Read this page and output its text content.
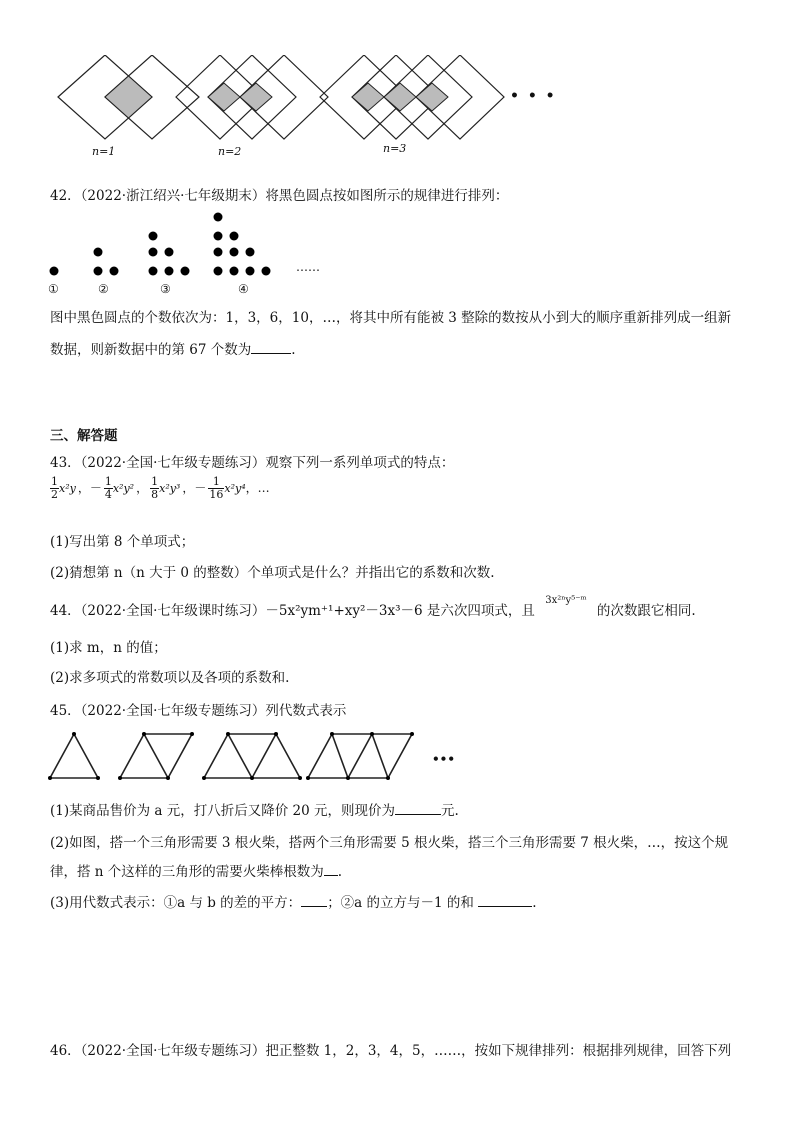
• • •
n=1	n=2	n=3
42．（2022·浙江绍兴·七年级期末）将黑色圆点按如图所示的规律进行排列：
……
①	②	③	④
图中黑色圆点的个数依次为：1，3，6，10，…，将其中所有能被 3 整除的数按从小到大的顺序重新排列成一组新
数据，则新数据中的第 67 个数为	.
三、解答题
43．（2022·全国·七年级专题练习）观察下列一系列单项式的特点：
$\frac{1}{2} x^2y$ ，－ $\frac{1}{4} x^2y^2$ ， $\frac{1}{8} x^2y^3$ ，－ $\frac{1}{16} x^2y^4$，…
(1)写出第 8 个单项式；
(2)猜想第 n（n 大于 0 的整数）个单项式是什么？并指出它的系数和次数.
44．（2022·全国·七年级课时练习）－5x²ym⁺¹+xy²－3x³－6 是六次四项式，且 3x²ⁿy⁵⁻ᵐ 的次数跟它相同.
(1)求 m，n 的值；
(2)求多项式的常数项以及各项的系数和.
45．（2022·全国·七年级专题练习）列代数式表示
•••
(1)某商品售价为 a 元，打八折后又降价 20 元，则现价为	元.
(2)如图，搭一个三角形需要 3 根火柴，搭两个三角形需要 5 根火柴，搭三个三角形需要 7 根火柴，…，按这个规
律，搭 n 个这样的三角形的需要火柴棒根数为 .
(3)用代数式表示：①a 与 b 的差的平方： ；②a 的立方与－1 的和	.
46．（2022·全国·七年级专题练习）把正整数 1，2，3，4，5，……，按如下规律排列：根据排列规律，回答下列
